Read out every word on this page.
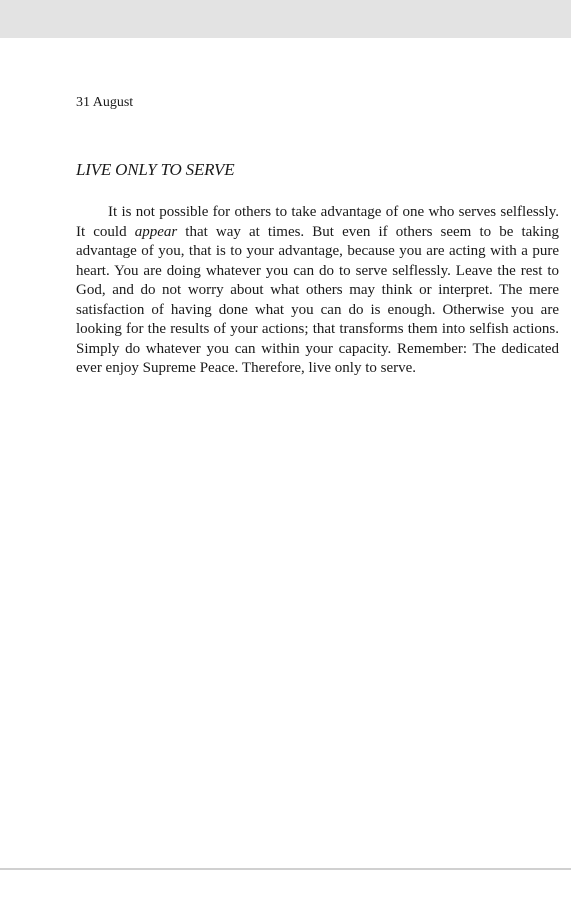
31 August
LIVE ONLY TO SERVE

It is not possible for others to take advantage of one who serves selflessly. It could appear that way at times. But even if others seem to be taking advantage of you, that is to your advantage, because you are acting with a pure heart. You are doing whatever you can do to serve selflessly. Leave the rest to God, and do not worry about what others may think or interpret. The mere satisfaction of having done what you can do is enough. Otherwise you are looking for the results of your actions; that transforms them into selfish actions. Simply do whatever you can within your capacity. Remember: The dedicated ever enjoy Supreme Peace. Therefore, live only to serve.
